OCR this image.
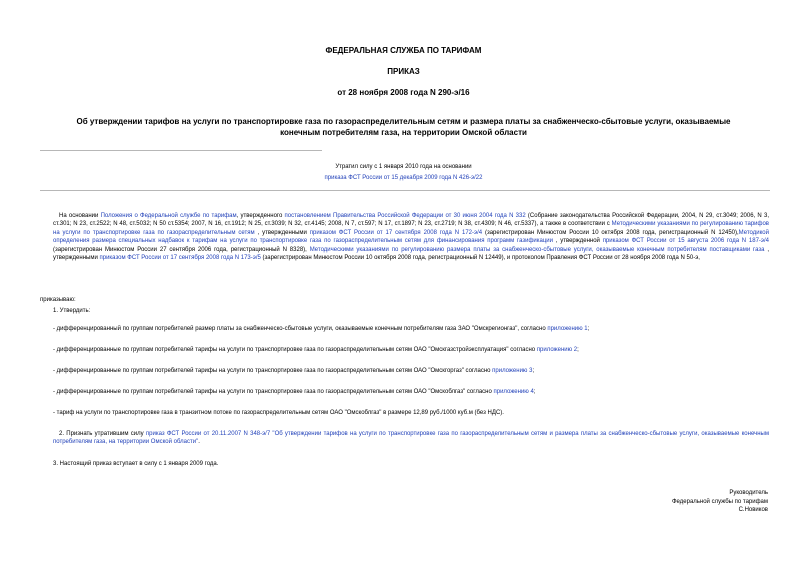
ФЕДЕРАЛЬНАЯ СЛУЖБА ПО ТАРИФАМ
ПРИКАЗ
от 28 ноября 2008 года N 290-э/16
Об утверждении тарифов на услуги по транспортировке газа по газораспределительным сетям и размера платы за снабженческо-сбытовые услуги, оказываемые
конечным потребителям газа, на территории Омской области
Утратил силу с 1 января 2010 года на основании
приказа ФСТ России от 15 декабря 2009 года N 426-э/22
На основании Положения о Федеральной службе по тарифам, утвержденного постановлением Правительства Российской Федерации от 30 июня 2004 года N 332 (Собрание законодательства Российской Федерации, 2004, N 29, ст.3049; 2006, N 3, ст.301; N 23, ст.2522; N 48, ст.5032; N 50 ст.5354; 2007, N 16, ст.1912; N 25, ст.3039; N 32, ст.4145; 2008, N 7, ст.597; N 17, ст.1897; N 23, ст.2719; N 38, ст.4309; N 46, ст.5337), а также в соответствии с Методическими указаниями по регулированию тарифов на услуги по транспортировке газа по газораспределительным сетям , утвержденными приказом ФСТ России от 17 сентября 2008 года N 172-э/4 (зарегистрирован Минюстом России 10 октября 2008 года, регистрационный N 12450),Методикой определения размера специальных надбавок к тарифам на услуги по транспортировке газа по газораспределительным сетям для финансирования программ газификации , утвержденной приказом ФСТ России от 15 августа 2006 года N 187-э/4 (зарегистрирован Минюстом России 27 сентября 2006 года, регистрационный N 8328), Методическими указаниями по регулированию размера платы за снабженческо-сбытовые услуги, оказываемые конечным потребителям поставщиками газа , утвержденными приказом ФСТ России от 17 сентября 2008 года N 173-э/5 (зарегистрирован Минюстом России 10 октября 2008 года, регистрационный N 12449), и протоколом Правления ФСТ России от 28 ноября 2008 года N 50-э,
приказываю:
1. Утвердить:
- дифференцированный по группам потребителей размер платы за снабженческо-сбытовые услуги, оказываемые конечным потребителям газа ЗАО "Омскрегионгаз", согласно приложению 1;
- дифференцированные по группам потребителей тарифы на услуги по транспортировке газа по газораспределительным сетям ОАО "Омскгазстройэксплуатация" согласно приложению 2;
- дифференцированные по группам потребителей тарифы на услуги по транспортировке газа по газораспределительным сетям ОАО "Омскгоргаз" согласно приложению 3;
- дифференцированные по группам потребителей тарифы на услуги по транспортировке газа по газораспределительным сетям ОАО "Омскоблгаз" согласно приложению 4;
- тариф на услуги по транспортировке газа в транзитном потоке по газораспределительным сетям ОАО "Омскоблгаз" в размере 12,89 руб./1000 куб.м (без НДС).
2. Признать утратившим силу приказ ФСТ России от 20.11.2007 N 348-э/7 "Об утверждении тарифов на услуги по транспортировке газа по газораспределительным сетям и размера платы за снабженческо-сбытовые услуги, оказываемые конечным потребителям газа, на территории Омской области".
3. Настоящий приказ вступает в силу с 1 января 2009 года.
Руководитель
Федеральной службы по тарифам
С.Новиков
